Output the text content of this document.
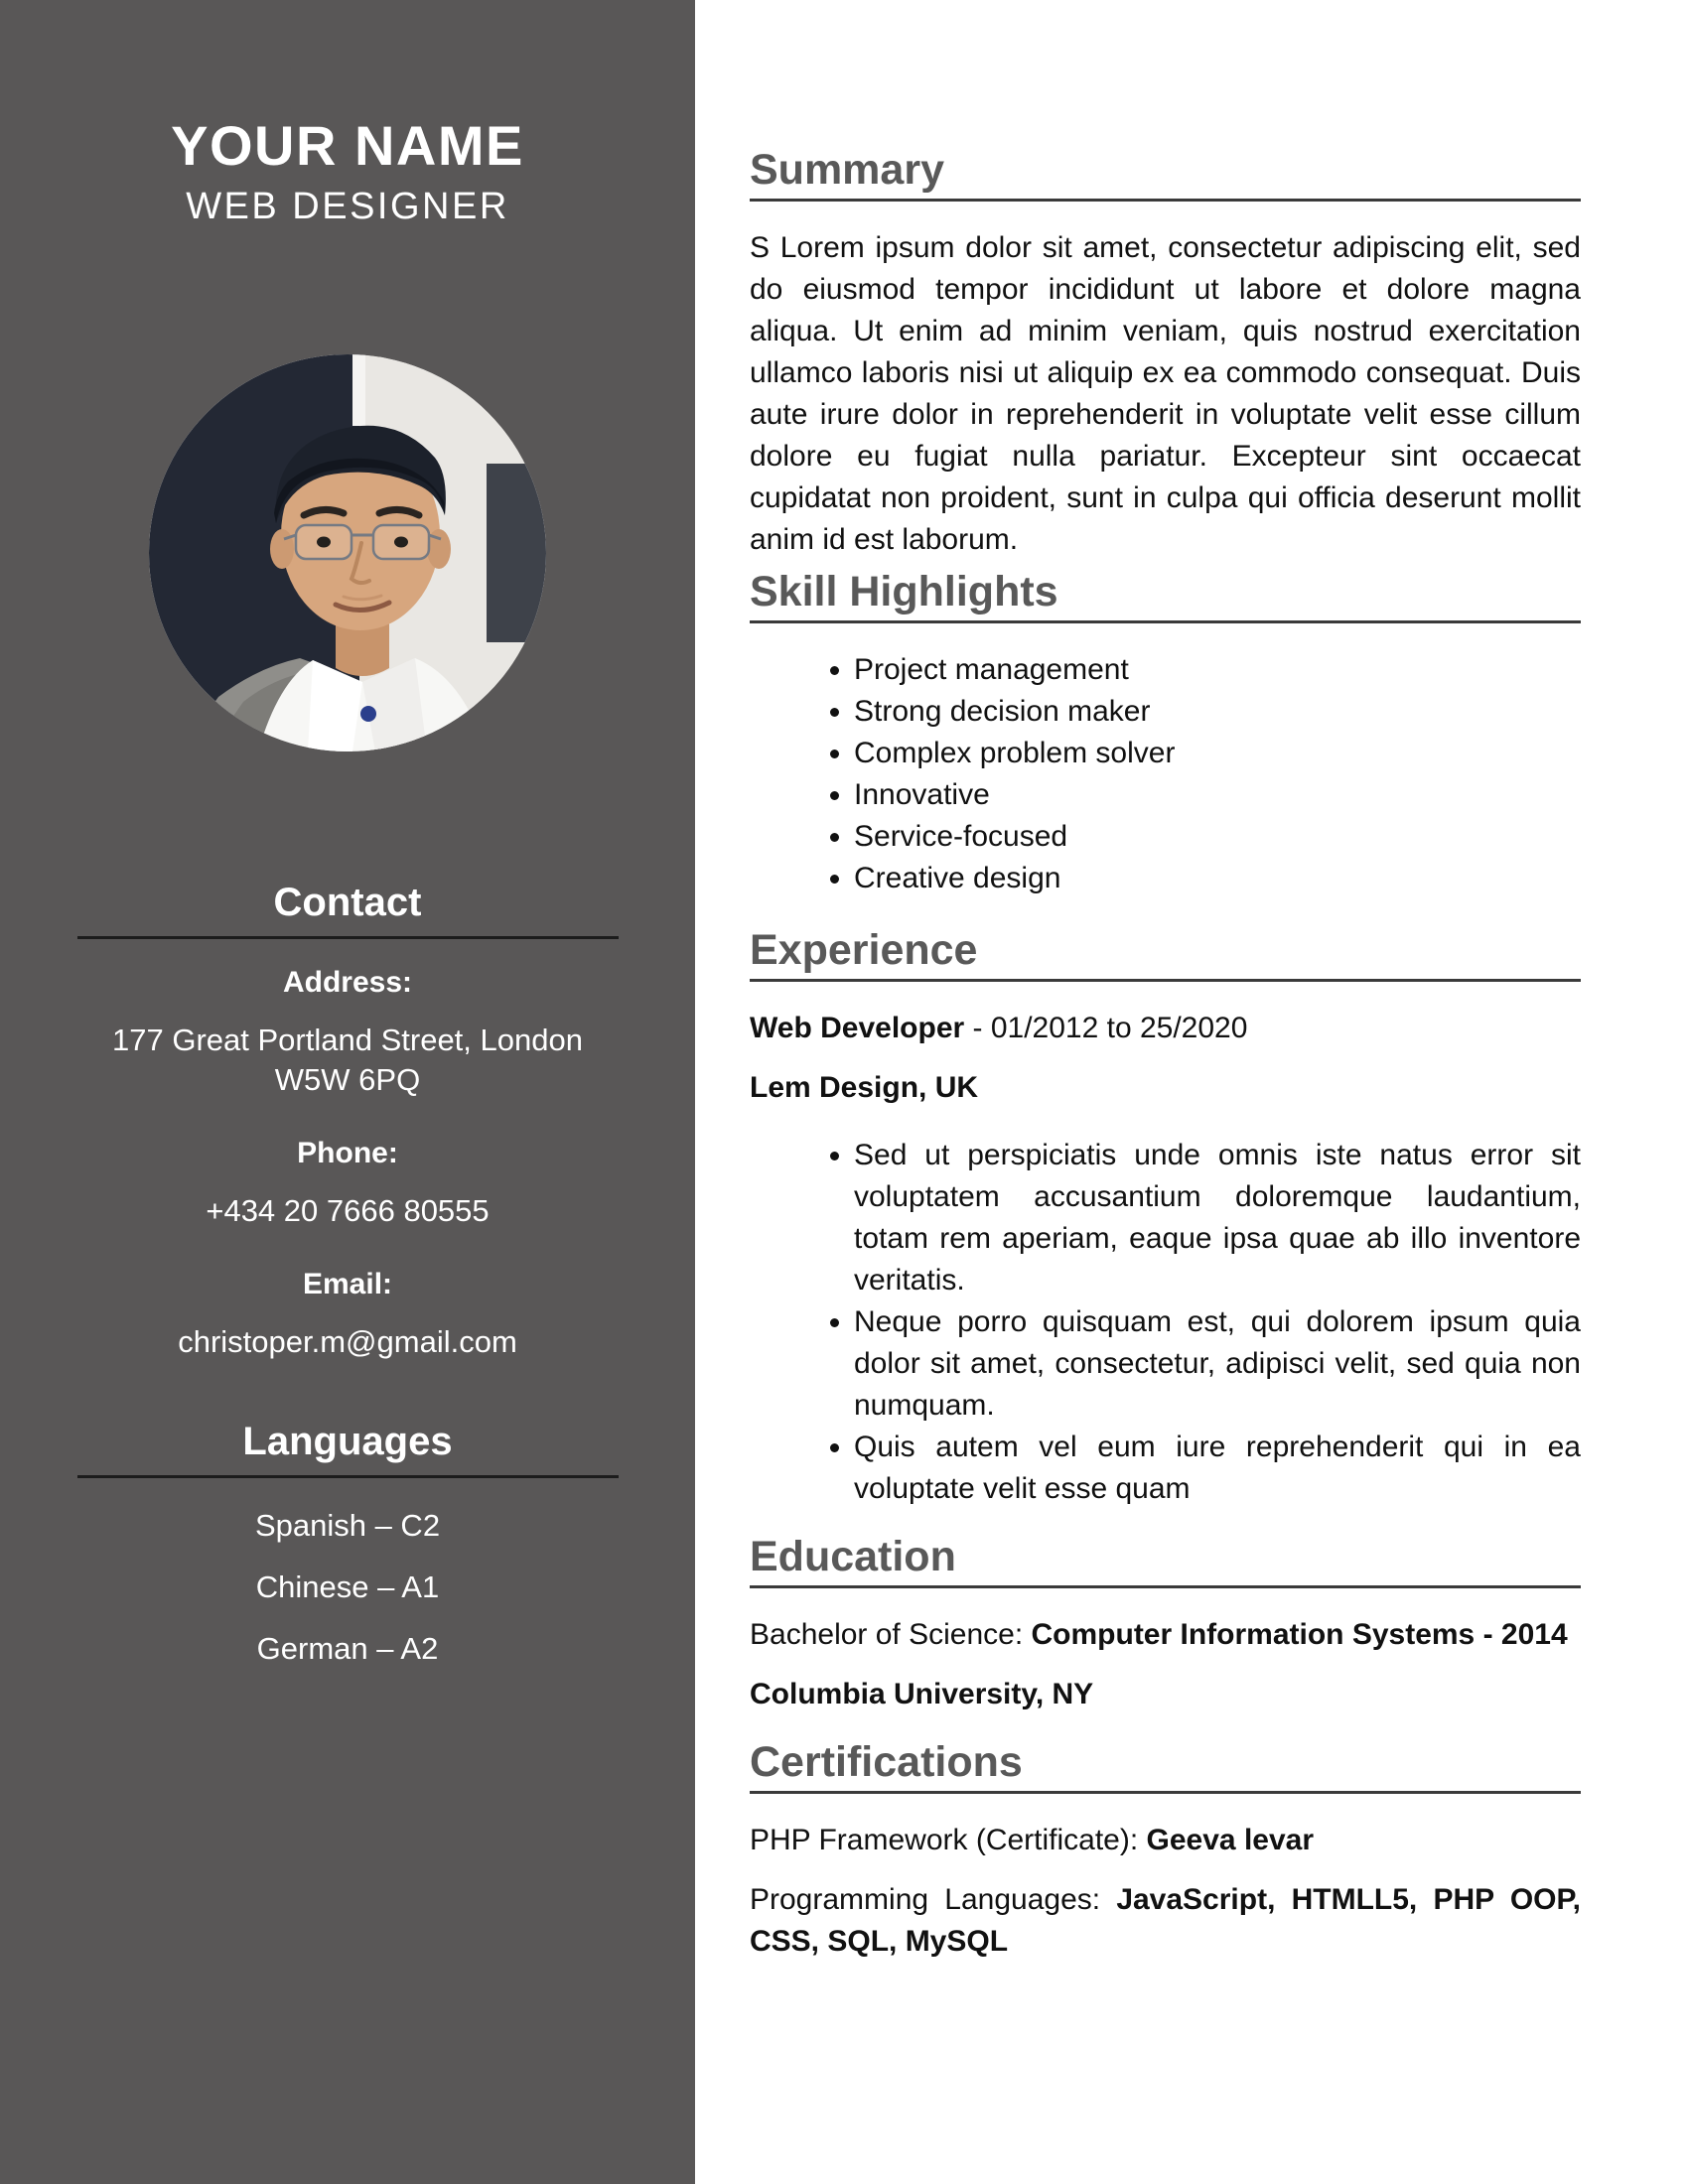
YOUR NAME
WEB DESIGNER
Contact
Address:
177 Great Portland Street, London
W5W 6PQ
Phone:
+434 20 7666 80555
Email:
christoper.m@gmail.com
Languages
Spanish – C2
Chinese – A1
German – A2
Summary

S Lorem ipsum dolor sit amet, consectetur adipiscing elit, sed do eiusmod tempor incididunt ut labore et dolore magna aliqua. Ut enim ad minim veniam, quis nostrud exercitation ullamco laboris nisi ut aliquip ex ea commodo consequat. Duis aute irure dolor in reprehenderit in voluptate velit esse cillum dolore eu fugiat nulla pariatur. Excepteur sint occaecat cupidatat non proident, sunt in culpa qui officia deserunt mollit anim id est laborum.

Skill Highlights
• Project management
• Strong decision maker
• Complex problem solver
• Innovative
• Service-focused
• Creative design
Experience

Web Developer - 01/2012 to 25/2020

Lem Design, UK

• Sed ut perspiciatis unde omnis iste natus error sit voluptatem accusantium doloremque laudantium, totam rem aperiam, eaque ipsa quae ab illo inventore veritatis.
• Neque porro quisquam est, qui dolorem ipsum quia dolor sit amet, consectetur, adipisci velit, sed quia non numquam.
• Quis autem vel eum iure reprehenderit qui in ea voluptate velit esse quam
Education

Bachelor of Science: Computer Information Systems - 2014

Columbia University, NY

Certifications

PHP Framework (Certificate): Geeva levar

Programming Languages: JavaScript, HTMLL5, PHP OOP, CSS, SQL, MySQL
